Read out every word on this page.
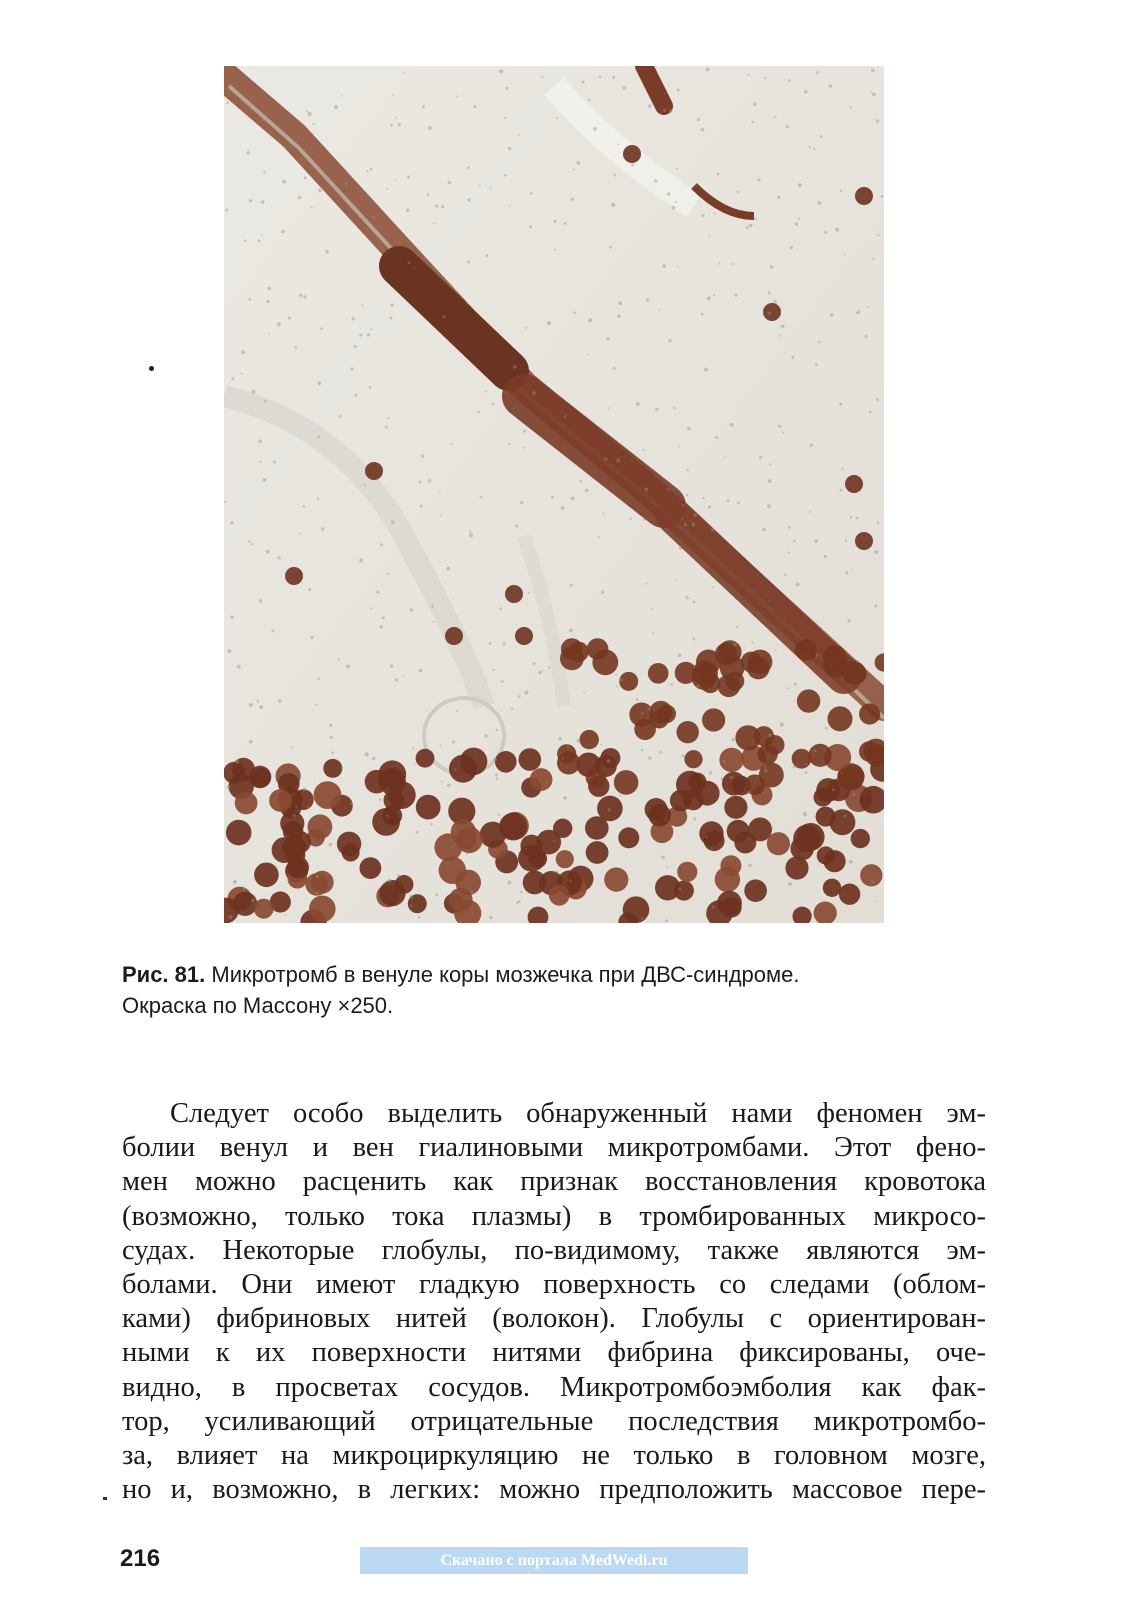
Рис. 81. Микротромб в венуле коры мозжечка при ДВС-синдроме.
Окраска по Массону ×250.
Следует особо выделить обнаруженный нами феномен эм-
болии венул и вен гиалиновыми микротромбами. Этот фено-
мен можно расценить как признак восстановления кровотока
(возможно, только тока плазмы) в тромбированных микросо-
судах. Некоторые глобулы, по-видимому, также являются эм-
болами. Они имеют гладкую поверхность со следами (облом-
ками) фибриновых нитей (волокон). Глобулы с ориентирован-
ными к их поверхности нитями фибрина фиксированы, оче-
видно, в просветах сосудов. Микротромбоэмболия как фак-
тор, усиливающий отрицательные последствия микротромбо-
за, влияет на микроциркуляцию не только в головном мозге,
но и, возможно, в легких: можно предположить массовое пере-
216	Скачано с портала MedWedi.ru
